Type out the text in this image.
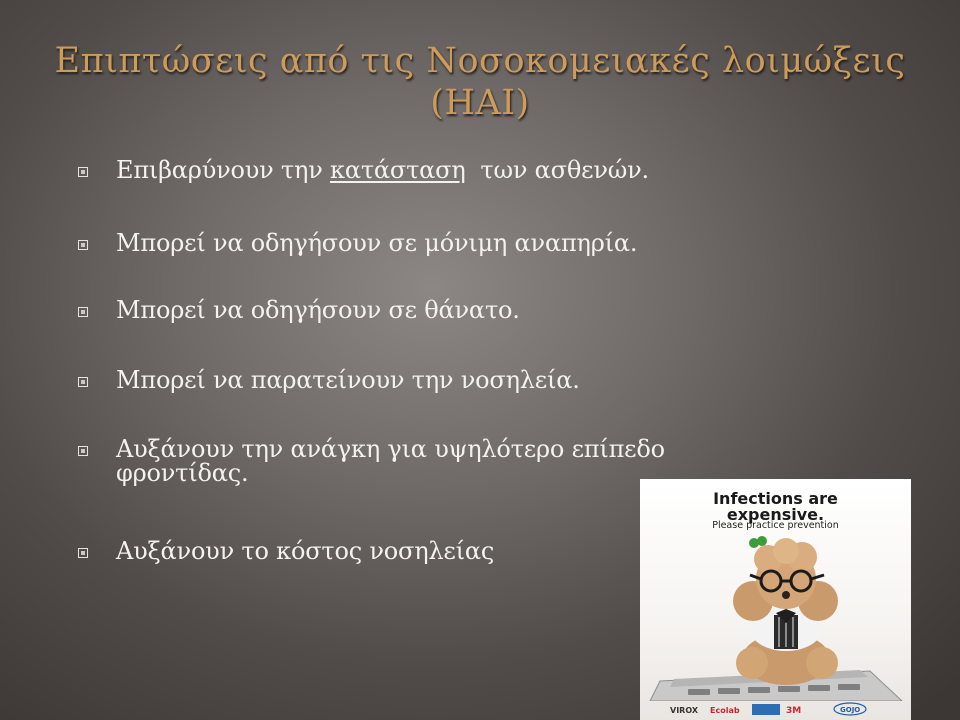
Επιπτώσεις από τις Νοσοκομειακές λοιμώξεις
(HAI)
Επιβαρύνουν την κατάσταση  των ασθενών.
Μπορεί να οδηγήσουν σε μόνιμη αναπηρία.
Μπορεί να οδηγήσουν σε θάνατο.
Μπορεί να παρατείνουν την νοσηλεία.
Αυξάνουν την ανάγκη για υψηλότερο επίπεδο φροντίδας.
Αυξάνουν το κόστος νοσηλείας
Infections are
expensive.
Please practice prevention
VIROX Ecolab	3M	GOJO
